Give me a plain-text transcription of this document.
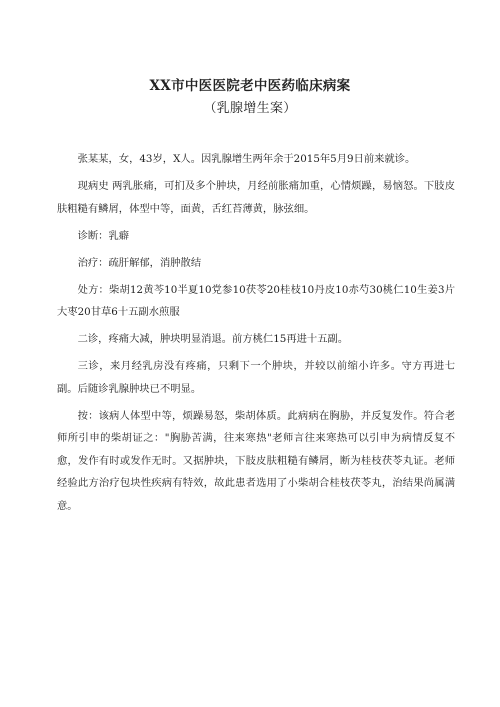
XX市中医医院老中医药临床病案
（乳腺增生案）

张某某，女，43岁，X人。因乳腺增生两年余于2015年5月9日前来就诊。

现病史 两乳胀痛，可扪及多个肿块，月经前胀痛加重，心情烦躁，易恼怒。下肢皮肤粗糙有鳞屑，体型中等，面黄，舌红苔薄黄，脉弦细。

诊断：乳癖

治疗：疏肝解郁，消肿散结

处方：柴胡12黄芩10半夏10党参10茯苓20桂枝10丹皮10赤芍30桃仁10生姜3片大枣20甘草6十五副水煎服

二诊，疼痛大减，肿块明显消退。前方桃仁15再进十五副。

三诊，来月经乳房没有疼痛，只剩下一个肿块，并较以前缩小许多。守方再进七副。后随诊乳腺肿块已不明显。

按：该病人体型中等，烦躁易怒，柴胡体质。此病病在胸胁，并反复发作。符合老师所引申的柴胡证之："胸胁苦满，往来寒热"老师言往来寒热可以引申为病情反复不愈，发作有时或发作无时。又据肿块，下肢皮肤粗糙有鳞屑，断为桂枝茯苓丸证。老师经验此方治疗包块性疾病有特效，故此患者选用了小柴胡合桂枝茯苓丸，治结果尚属满意。
